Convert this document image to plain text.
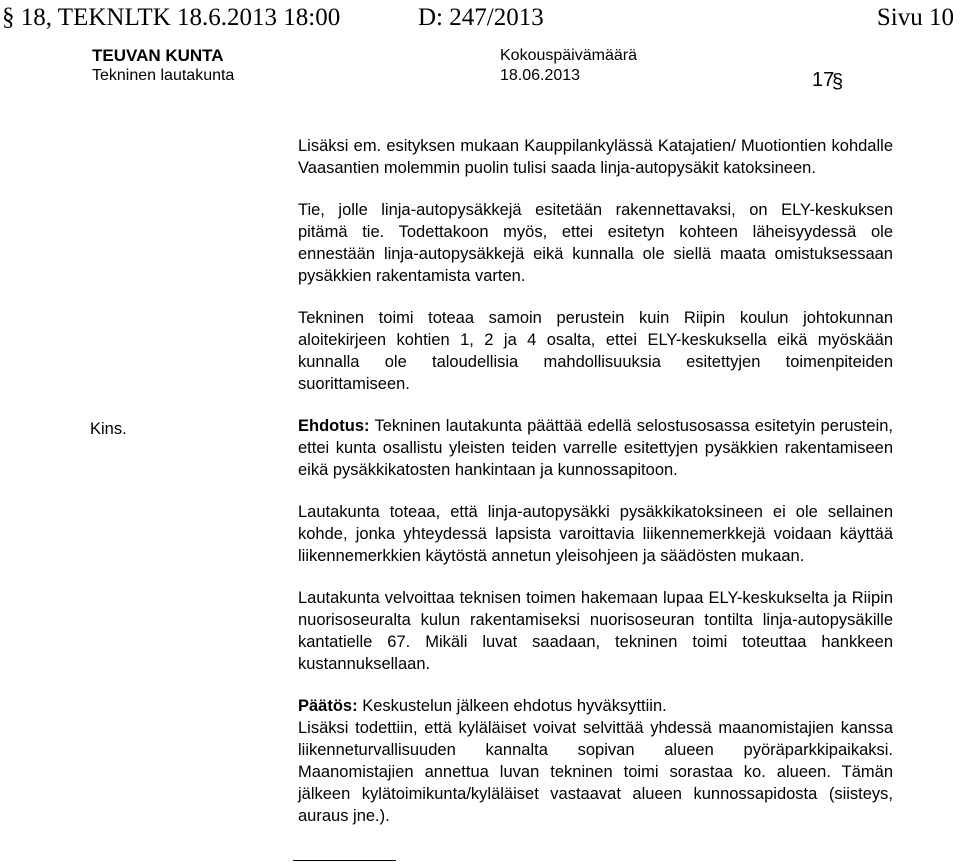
§ 18, TEKNLTK 18.6.2013 18:00	D: 247/2013	Sivu 10
TEUVAN KUNTA
Tekninen lautakunta
Kokouspäivämäärä
18.06.2013	17
§
Kins.

Lisäksi em. esityksen mukaan Kauppilankylässä Katajatien/ Muotiontien kohdalle Vaasantien molemmin puolin tulisi saada linja-autopysäkit katoksineen.

Tie, jolle linja-autopysäkkejä esitetään rakennettavaksi, on ELY-keskuksen pitämä tie. Todettakoon myös, ettei esitetyn kohteen läheisyydessä ole ennestään linja-autopysäkkejä eikä kunnalla ole siellä maata omistuksessaan pysäkkien rakentamista varten.

Tekninen toimi toteaa samoin perustein kuin Riipin koulun johtokunnan aloitekirjeen kohtien 1, 2 ja 4 osalta, ettei ELY-keskuksella eikä myöskään kunnalla ole taloudellisia mahdollisuuksia esitettyjen toimenpiteiden suorittamiseen.

Ehdotus: Tekninen lautakunta päättää edellä selostusosassa esitetyin perustein, ettei kunta osallistu yleisten teiden varrelle esitettyjen pysäkkien rakentamiseen eikä pysäkkikatosten hankintaan ja kunnossapitoon.

Lautakunta toteaa, että linja-autopysäkki pysäkkikatoksineen ei ole sellainen kohde, jonka yhteydessä lapsista varoittavia liikennemerkkejä voidaan käyttää liikennemerkkien käytöstä annetun yleisohjeen ja säädösten mukaan.

Lautakunta velvoittaa teknisen toimen hakemaan lupaa ELY-keskukselta ja Riipin nuorisoseuralta kulun rakentamiseksi nuorisoseuran tontilta linja-autopysäkille kantatielle 67. Mikäli luvat saadaan, tekninen toimi toteuttaa hankkeen kustannuksellaan.

Päätös: Keskustelun jälkeen ehdotus hyväksyttiin.

Lisäksi todettiin, että kyläläiset voivat selvittää yhdessä maanomistajien kanssa liikenneturvallisuuden kannalta sopivan alueen pyöräparkkipaikaksi. Maanomistajien annettua luvan tekninen toimi sorastaa ko. alueen. Tämän jälkeen kylätoimikunta/kyläläiset vastaavat alueen kunnossapidosta (siisteys, auraus jne.).
